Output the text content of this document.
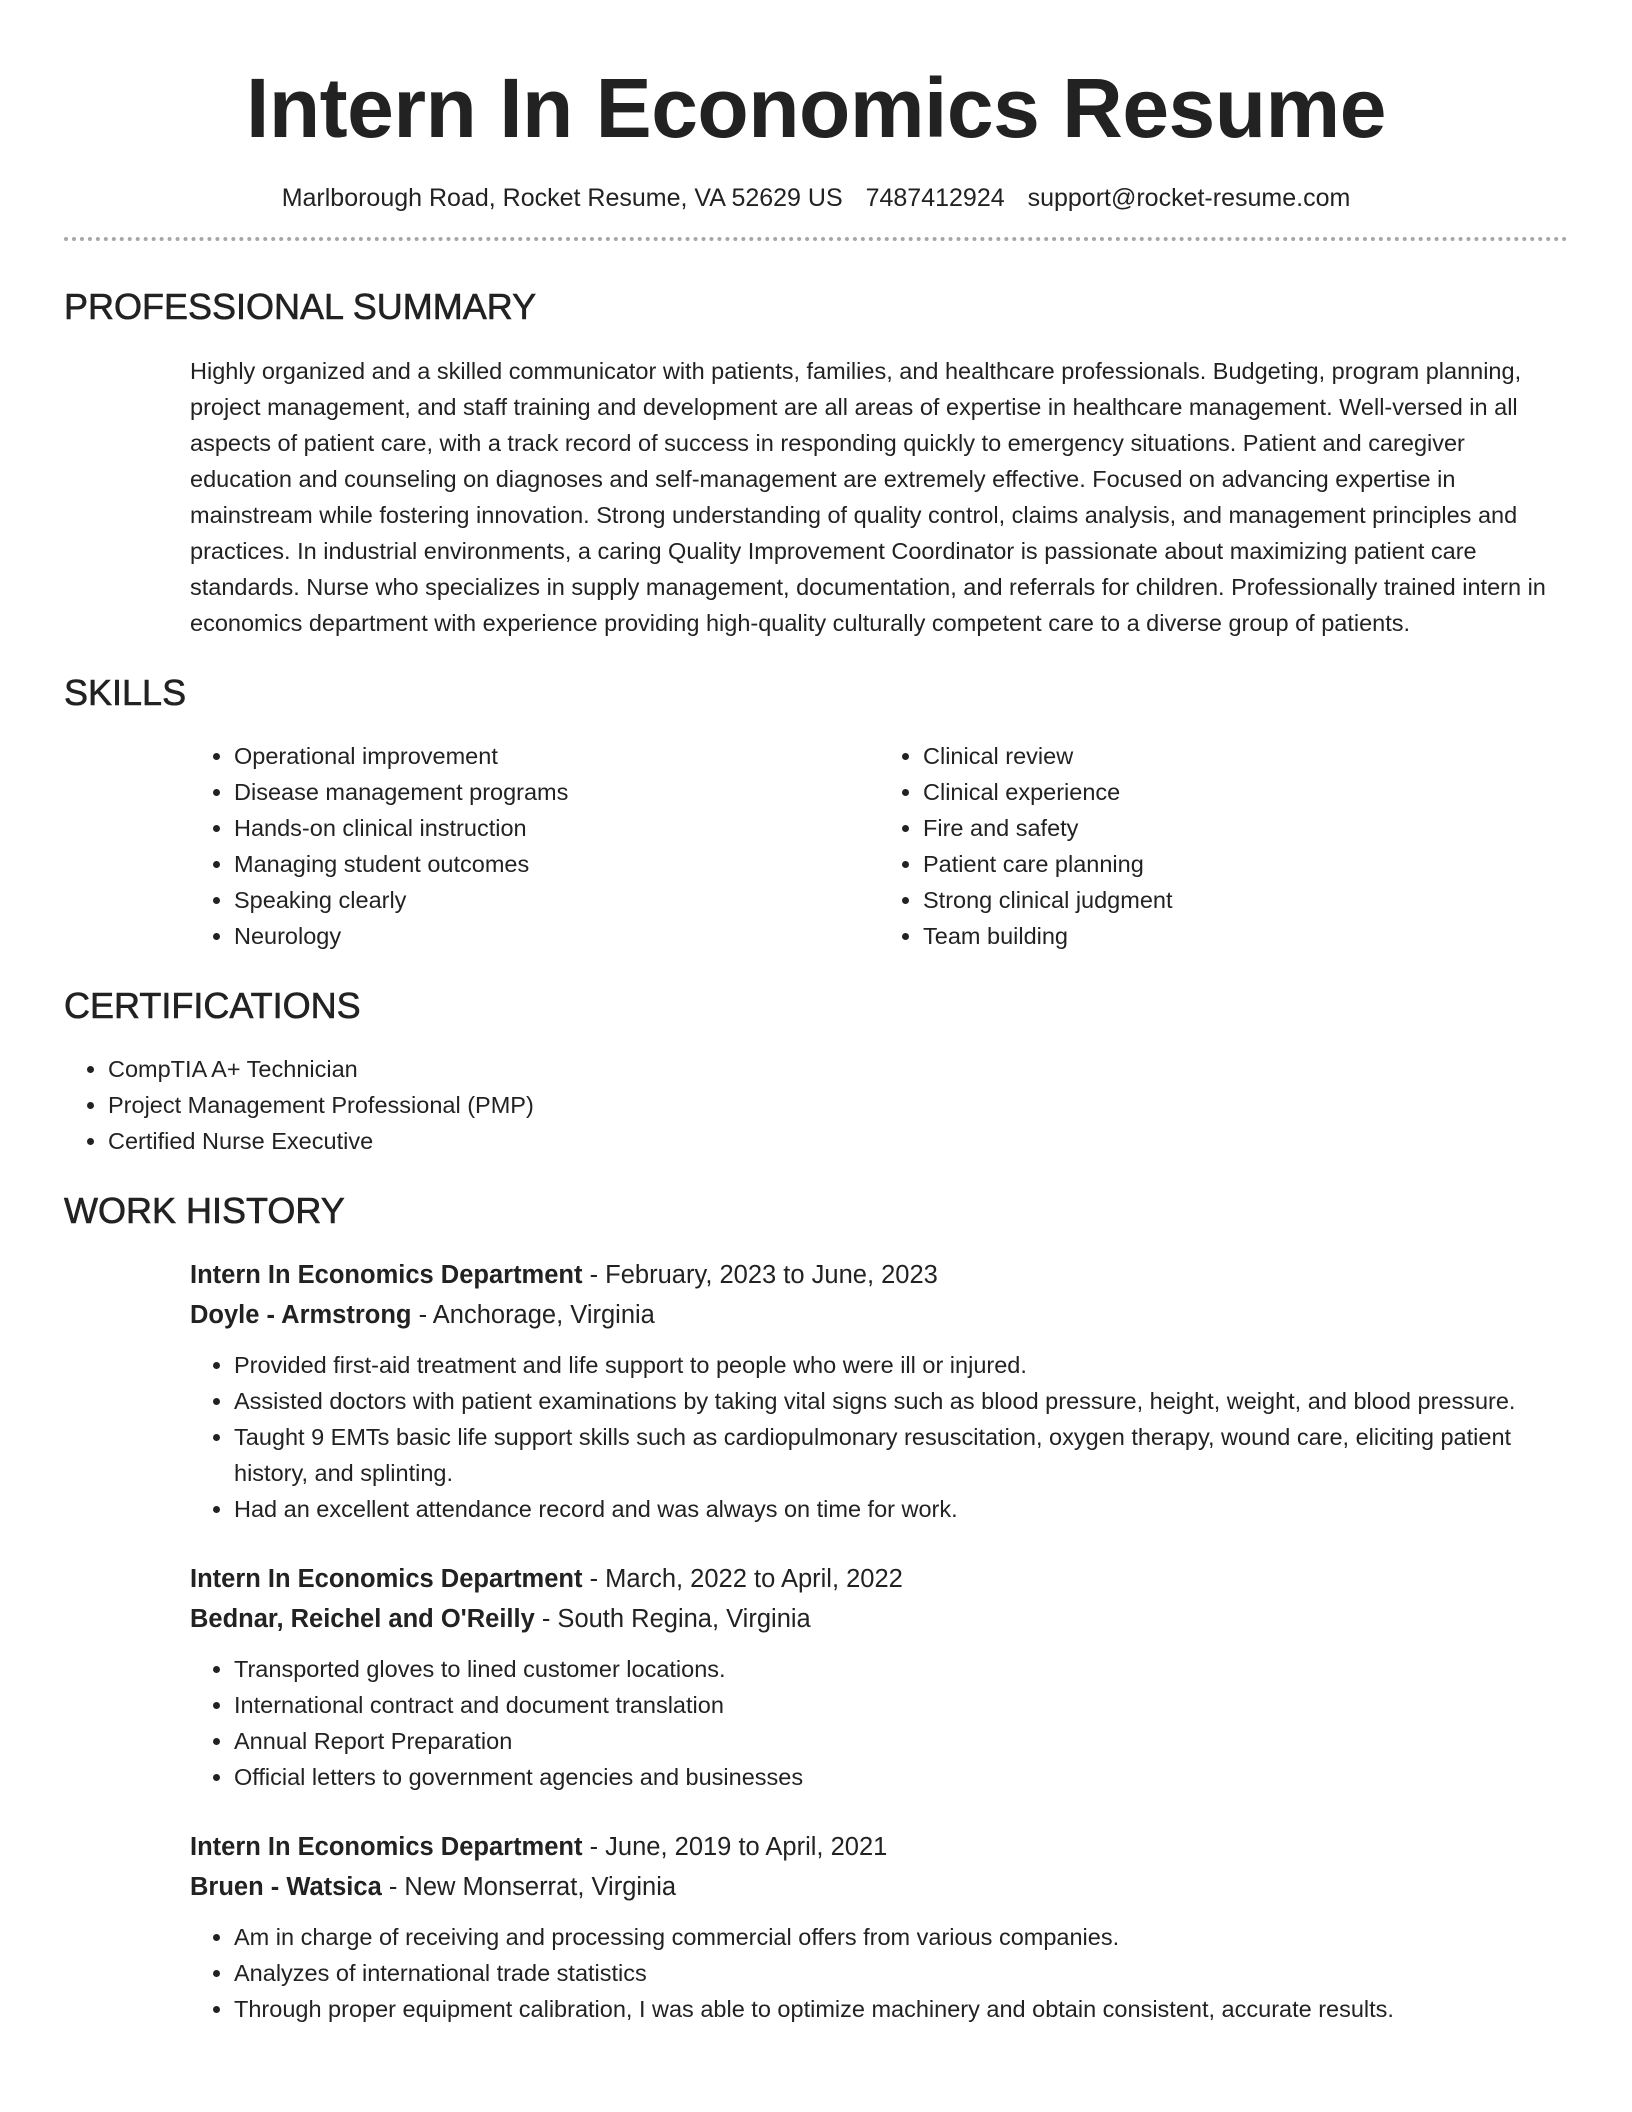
Intern In Economics Resume
Marlborough Road, Rocket Resume, VA 52629 US 7487412924 support@rocket-resume.com
PROFESSIONAL SUMMARY
Highly organized and a skilled communicator with patients, families, and healthcare professionals. Budgeting, program planning, project management, and staff training and development are all areas of expertise in healthcare management. Well-versed in all aspects of patient care, with a track record of success in responding quickly to emergency situations. Patient and caregiver education and counseling on diagnoses and self-management are extremely effective. Focused on advancing expertise in mainstream while fostering innovation. Strong understanding of quality control, claims analysis, and management principles and practices. In industrial environments, a caring Quality Improvement Coordinator is passionate about maximizing patient care standards. Nurse who specializes in supply management, documentation, and referrals for children. Professionally trained intern in economics department with experience providing high-quality culturally competent care to a diverse group of patients.
SKILLS
• Operational improvement
• Disease management programs
• Hands-on clinical instruction
• Managing student outcomes
• Speaking clearly
• Neurology
• Clinical review
• Clinical experience
• Fire and safety
• Patient care planning
• Strong clinical judgment
• Team building
CERTIFICATIONS
• CompTIA A+ Technician
• Project Management Professional (PMP)
• Certified Nurse Executive
WORK HISTORY
Intern In Economics Department - February, 2023 to June, 2023
Doyle - Armstrong - Anchorage, Virginia
• Provided first-aid treatment and life support to people who were ill or injured.
• Assisted doctors with patient examinations by taking vital signs such as blood pressure, height, weight, and blood pressure.
• Taught 9 EMTs basic life support skills such as cardiopulmonary resuscitation, oxygen therapy, wound care, eliciting patient history, and splinting.
• Had an excellent attendance record and was always on time for work.
Intern In Economics Department - March, 2022 to April, 2022
Bednar, Reichel and O'Reilly - South Regina, Virginia
• Transported gloves to lined customer locations.
• International contract and document translation
• Annual Report Preparation
• Official letters to government agencies and businesses
Intern In Economics Department - June, 2019 to April, 2021
Bruen - Watsica - New Monserrat, Virginia
• Am in charge of receiving and processing commercial offers from various companies.
• Analyzes of international trade statistics
• Through proper equipment calibration, I was able to optimize machinery and obtain consistent, accurate results.
